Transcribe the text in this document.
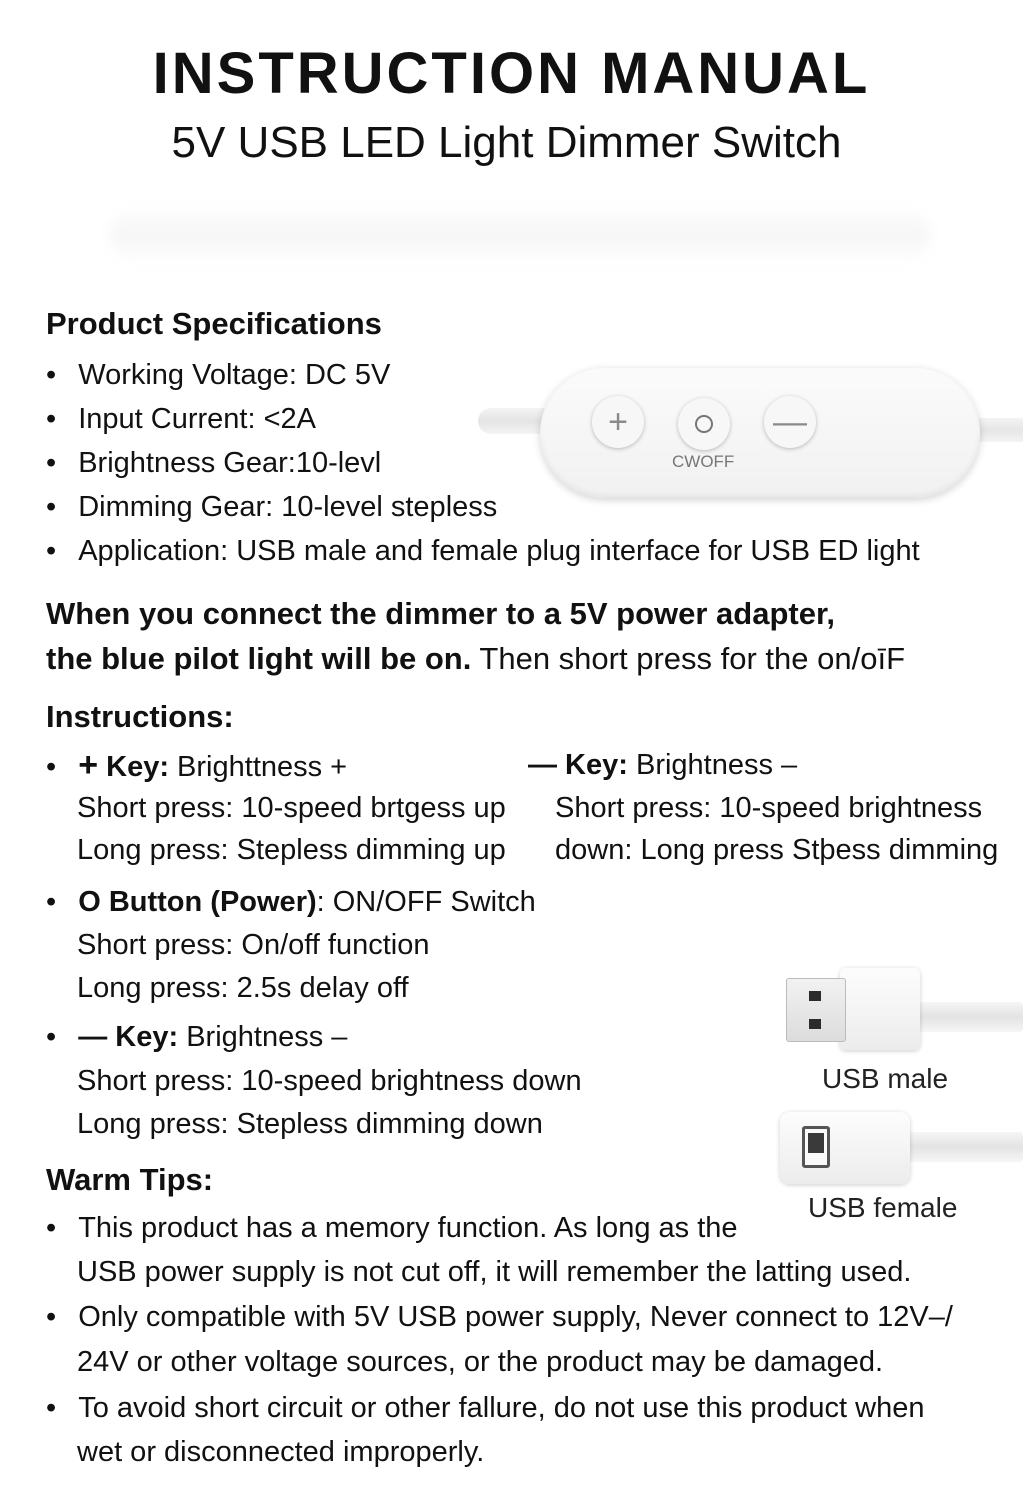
INSTRUCTION MANUAL
5V USB LED Light Dimmer Switch
Product Specifications
• Working Voltage: DC 5V
• Input Current: <2A
• Brightness Gear:10-levl
• Dimming Gear: 10-level stepless
• Application: USB male and female plug interface for USB ED light
+	—
CWOFF
When you connect the dimmer to a 5V power adapter,
the blue pilot light will be on. Then short press for the on/oīF
Instructions:
• + Key: Brighttness +
Short press: 10-speed brtgess up
Long press: Stepless dimming up
— Key: Brightness –
Short press: 10-speed brightness
down: Long press Stþess dimming
• O Button (Power): ON/OFF Switch
Short press: On/off function
Long press: 2.5s delay off
• — Key: Brightness –
Short press: 10-speed brightness down
Long press: Stepless dimming down
USB male
USB female
Warm Tips:
• This product has a memory function. As long as the
USB power supply is not cut off, it will remember the latting used.
• Only compatible with 5V USB power supply, Never connect to 12V–/
24V or other voltage sources, or the product may be damaged.
• To avoid short circuit or other fallure, do not use this product when
wet or disconnected improperly.
